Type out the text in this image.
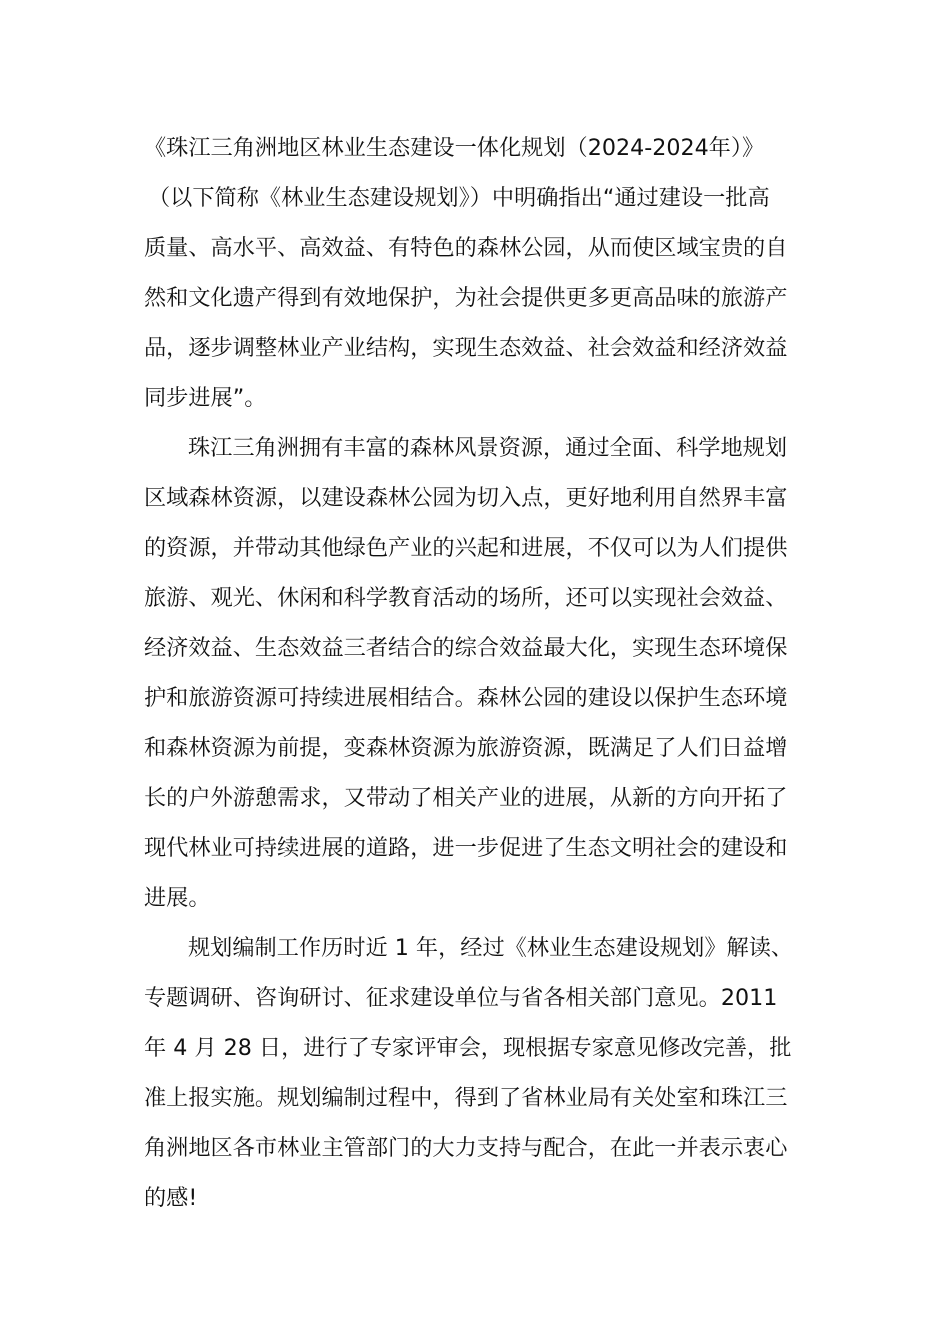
《珠江三角洲地区林业生态建设一体化规划（2024-2024年）》
（以下简称《林业生态建设规划》）中明确指出“通过建设一批高
质量、高水平、高效益、有特色的森林公园，从而使区域宝贵的自
然和文化遗产得到有效地保护，为社会提供更多更高品味的旅游产
品，逐步调整林业产业结构，实现生态效益、社会效益和经济效益
同步进展”。
珠江三角洲拥有丰富的森林风景资源，通过全面、科学地规划
区域森林资源，以建设森林公园为切入点，更好地利用自然界丰富
的资源，并带动其他绿色产业的兴起和进展，不仅可以为人们提供
旅游、观光、休闲和科学教育活动的场所，还可以实现社会效益、
经济效益、生态效益三者结合的综合效益最大化，实现生态环境保
护和旅游资源可持续进展相结合。森林公园的建设以保护生态环境
和森林资源为前提，变森林资源为旅游资源，既满足了人们日益增
长的户外游憩需求，又带动了相关产业的进展，从新的方向开拓了
现代林业可持续进展的道路，进一步促进了生态文明社会的建设和
进展。
规划编制工作历时近 1 年，经过《林业生态建设规划》解读、
专题调研、咨询研讨、征求建设单位与省各相关部门意见。2011
年 4 月 28 日，进行了专家评审会，现根据专家意见修改完善，批
准上报实施。规划编制过程中，得到了省林业局有关处室和珠江三
角洲地区各市林业主管部门的大力支持与配合，在此一并表示衷心
的感!
